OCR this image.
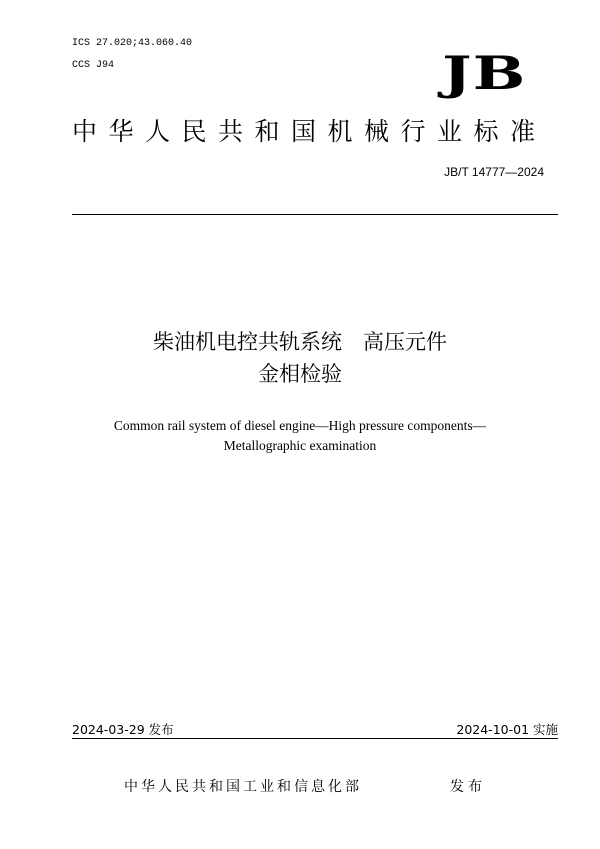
ICS 27.020;43.060.40
CCS J94	JB
中华人民共和国机械行业标准
JB/T 14777—2024
柴油机电控共轨系统　高压元件
金相检验
Common rail system of diesel engine—High pressure components—
Metallographic examination
2024-03-29 发布	2024-10-01 实施
中华人民共和国工业和信息化部	发布
